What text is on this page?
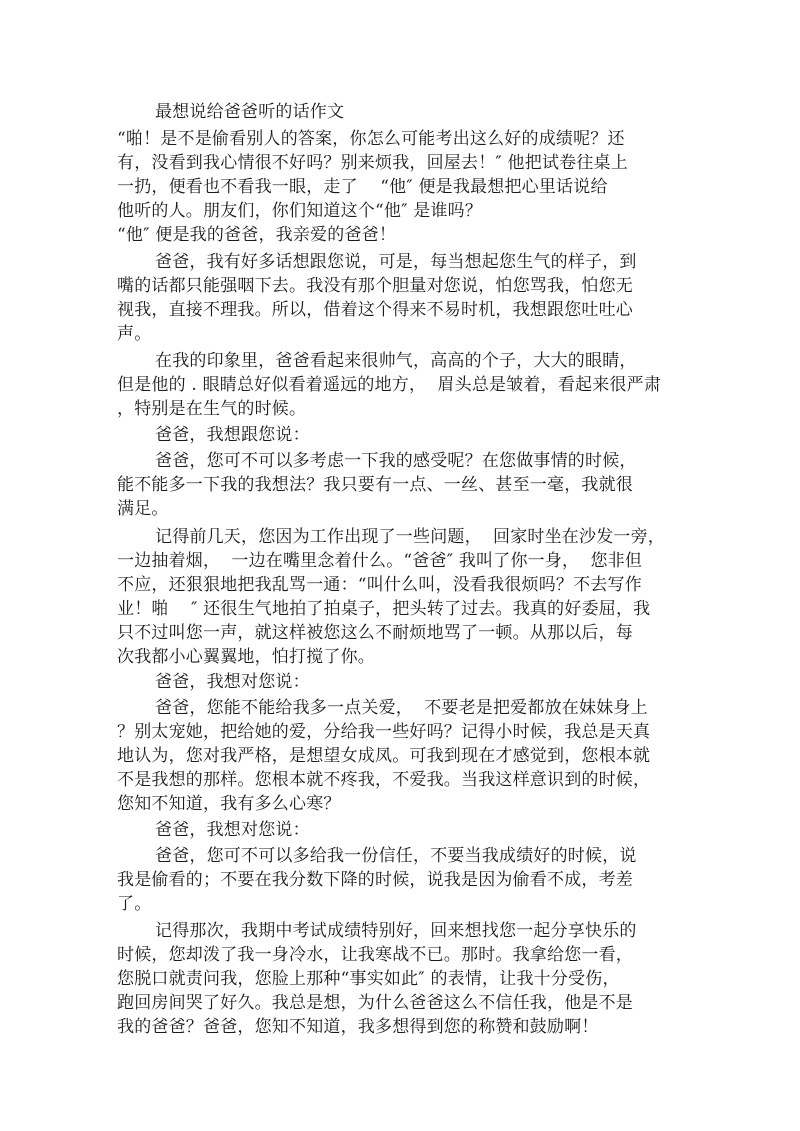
最想说给爸爸听的话作文
“啪！是不是偷看别人的答案，你怎么可能考出这么好的成绩呢？还
有，没看到我心情很不好吗？别来烦我，回屋去！″ 他把试卷往桌上
一扔，便看也不看我一眼，走了    “他″ 便是我最想把心里话说给
他听的人。朋友们，你们知道这个“他″ 是谁吗？
“他″ 便是我的爸爸，我亲爱的爸爸！
爸爸，我有好多话想跟您说，可是，每当想起您生气的样子，到
嘴的话都只能强咽下去。我没有那个胆量对您说，怕您骂我，怕您无
视我，直接不理我。所以，借着这个得来不易时机，我想跟您吐吐心
声。
在我的印象里，爸爸看起来很帅气，高高的个子，大大的眼睛，
但是他的 . 眼睛总好似看着遥远的地方，  眉头总是皱着，看起来很严肃
，特别是在生气的时候。
爸爸，我想跟您说：
爸爸，您可不可以多考虑一下我的感受呢？在您做事情的时候，
能不能多一下我的我想法？我只要有一点、一丝、甚至一毫，我就很
满足。
记得前几天，您因为工作出现了一些问题，  回家时坐在沙发一旁，
一边抽着烟，  一边在嘴里念着什么。“爸爸″ 我叫了你一身，  您非但
不应，还狠狠地把我乱骂一通：“叫什么叫，没看我很烦吗？不去写作
业！啪    ″ 还很生气地拍了拍桌子，把头转了过去。我真的好委屈，我
只不过叫您一声，就这样被您这么不耐烦地骂了一顿。从那以后，每
次我都小心翼翼地，怕打搅了你。
爸爸，我想对您说：
爸爸，您能不能给我多一点关爱，  不要老是把爱都放在妹妹身上
？别太宠她，把给她的爱，分给我一些好吗？记得小时候，我总是天真
地认为，您对我严格，是想望女成凤。可我到现在才感觉到，您根本就
不是我想的那样。您根本就不疼我，不爱我。当我这样意识到的时候，
您知不知道，我有多么心寒？
爸爸，我想对您说：
爸爸，您可不可以多给我一份信任，不要当我成绩好的时候，说
我是偷看的；不要在我分数下降的时候，说我是因为偷看不成，考差
了。
记得那次，我期中考试成绩特别好，回来想找您一起分享快乐的
时候，您却泼了我一身冷水，让我寒战不已。那时。我拿给您一看，
您脱口就责问我，您脸上那种“事实如此″ 的表情，让我十分受伤，
跑回房间哭了好久。我总是想，为什么爸爸这么不信任我，他是不是
我的爸爸？爸爸，您知不知道，我多想得到您的称赞和鼓励啊！
